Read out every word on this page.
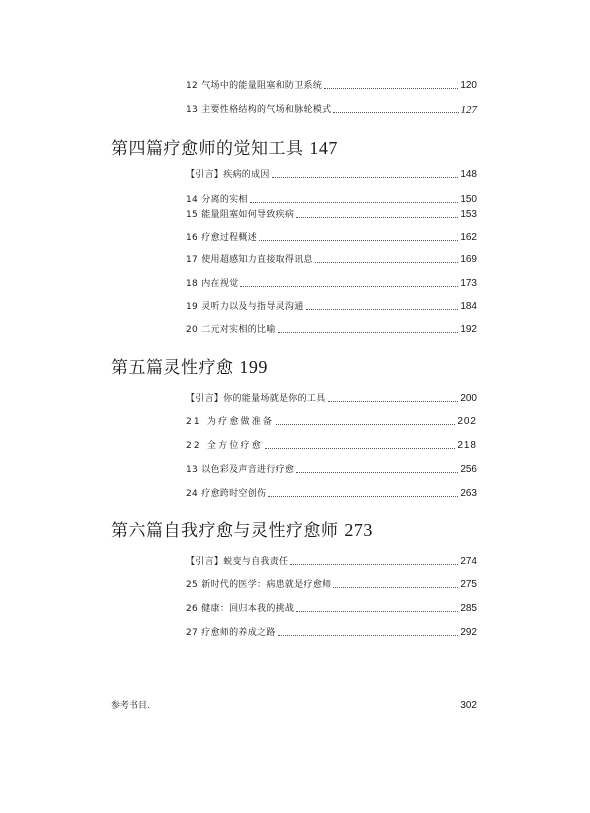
12 气场中的能量阻塞和防卫系统	120
13 主要性格结构的气场和脉轮模式	127
第四篇疗愈师的觉知工具 147
【引言】疾病的成因	148
14 分离的实相	150
15 能量阻塞如何导致疾病	153
16 疗愈过程概述	162
17 使用超感知力直接取得讯息	169
18 内在视觉	173
19 灵听力以及与指导灵沟通	184
20 二元对实相的比喻	192
第五篇灵性疗愈 199
【引言】你的能量场就是你的工具	200
21 为疗愈做准备	202
22 全方位疗愈	218
13 以色彩及声音进行疗愈	256
24 疗愈跨时空创伤	263
第六篇自我疗愈与灵性疗愈师 273
【引言】蜕变与自我责任	274
25 新时代的医学：病患就是疗愈师	275
26 健康：回归本我的挑战	285
27 疗愈师的养成之路	292
参考书目.	302
